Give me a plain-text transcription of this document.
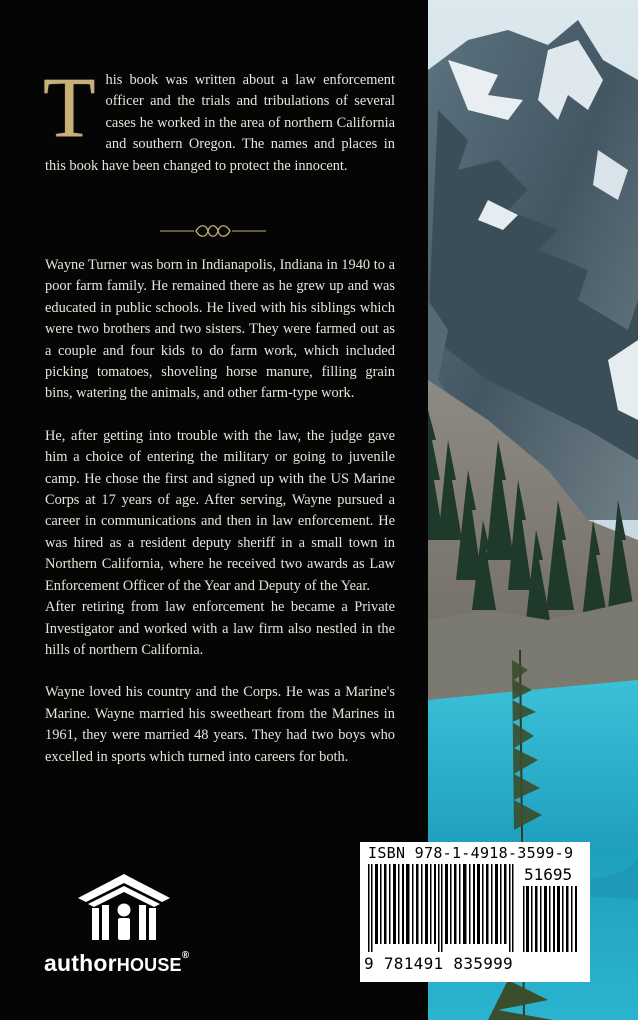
T his book was written about a law enforcement officer and the trials and tribulations of several cases he worked in the area of northern California and southern Oregon. The names and places in this book have been changed to protect the innocent.

Wayne Turner was born in Indianapolis, Indiana in 1940 to a poor farm family. He remained there as he grew up and was educated in public schools. He lived with his siblings which were two brothers and two sisters. They were farmed out as a couple and four kids to do farm work, which included picking tomatoes, shoveling horse manure, filling grain bins, watering the animals, and other farm-type work.

He, after getting into trouble with the law, the judge gave him a choice of entering the military or going to juvenile camp. He chose the first and signed up with the US Marine Corps at 17 years of age. After serving, Wayne pursued a career in communications and then in law enforcement. He was hired as a resident deputy sheriff in a small town in Northern California, where he received two awards as Law Enforcement Officer of the Year and Deputy of the Year.

After retiring from law enforcement he became a Private Investigator and worked with a law firm also nestled in the hills of northern California.

Wayne loved his country and the Corps. He was a Marine's Marine. Wayne married his sweetheart from the Marines in 1961, they were married 48 years. They had two boys who excelled in sports which turned into careers for both.

authorHOUSE®
ISBN 978-1-4918-3599-9
51695
9 781491 835999
